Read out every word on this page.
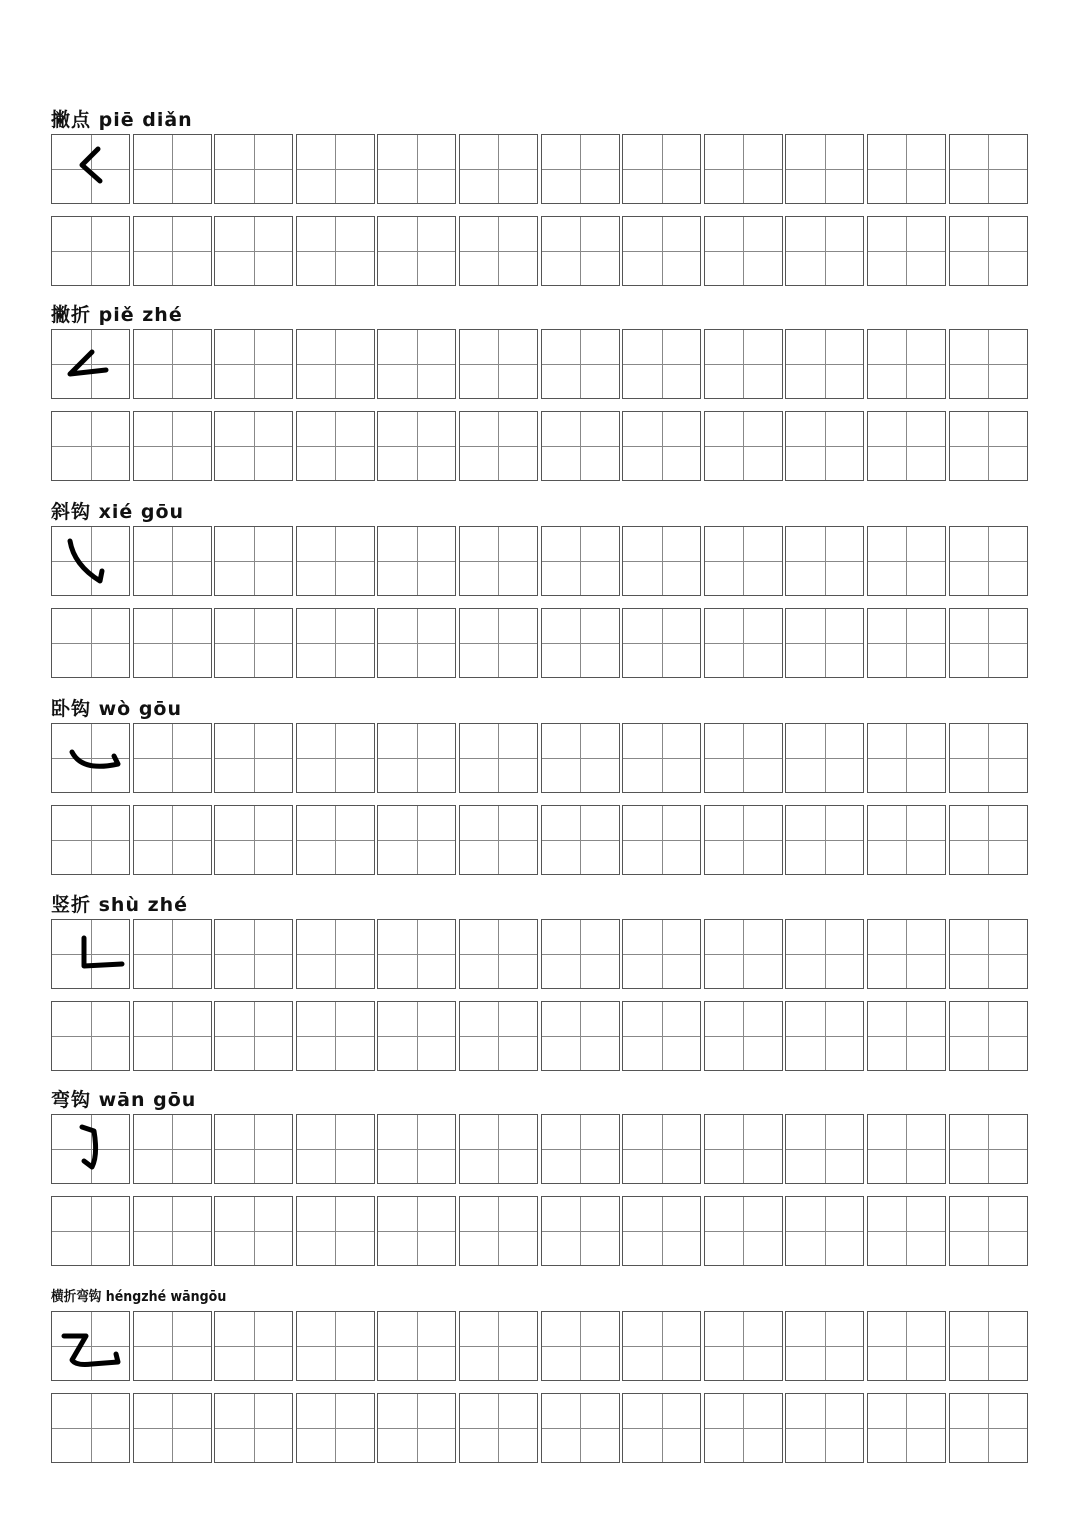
撇点 piē diǎn
撇折 piě zhé
斜钩 xié gōu
卧钩 wò gōu
竖折 shù zhé
弯钩 wān gōu
横折弯钩 héngzhé wāngōu
